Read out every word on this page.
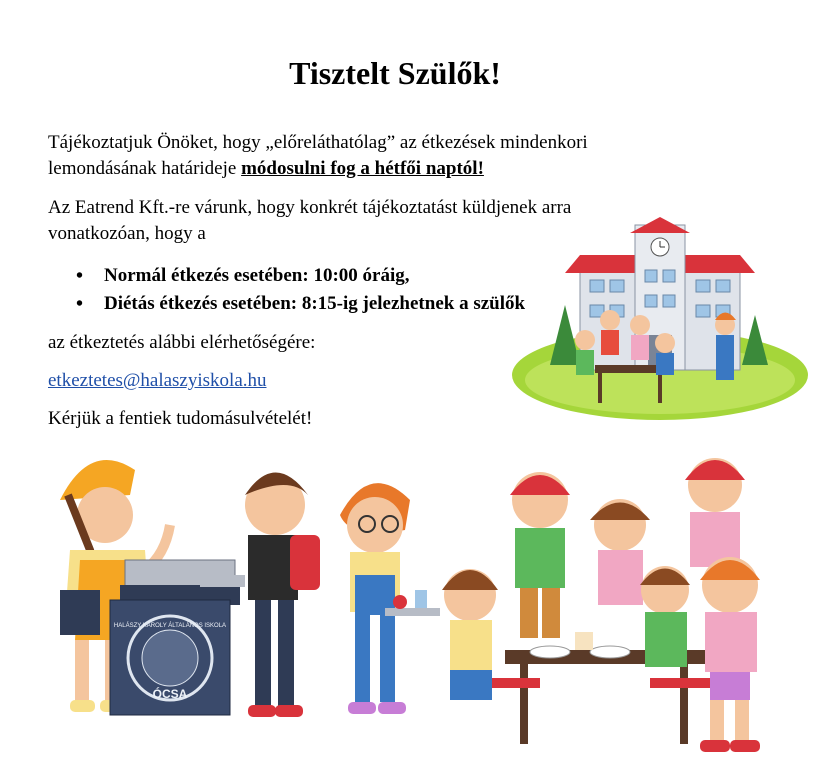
Tisztelt Szülők!

Tájékoztatjuk Önöket, hogy „előreláthatólag” az étkezések mindenkori lemondásának határideje módosulni fog a hétfői naptól!

Az Eatrend Kft.-re várunk, hogy konkrét tájékoztatást küldjenek arra vonatkozóan, hogy a

• Normál étkezés esetében: 10:00 óráig,
• Diétás étkezés esetében: 8:15-ig jelezhetnek a szülők

az étkeztetés alábbi elérhetőségére:

etkeztetes@halaszyiskola.hu

Kérjük a fentiek tudomásulvételét!

ÓCSA
HALÁSZY KÁROLY ÁLTALÁNOS ISKOLA
